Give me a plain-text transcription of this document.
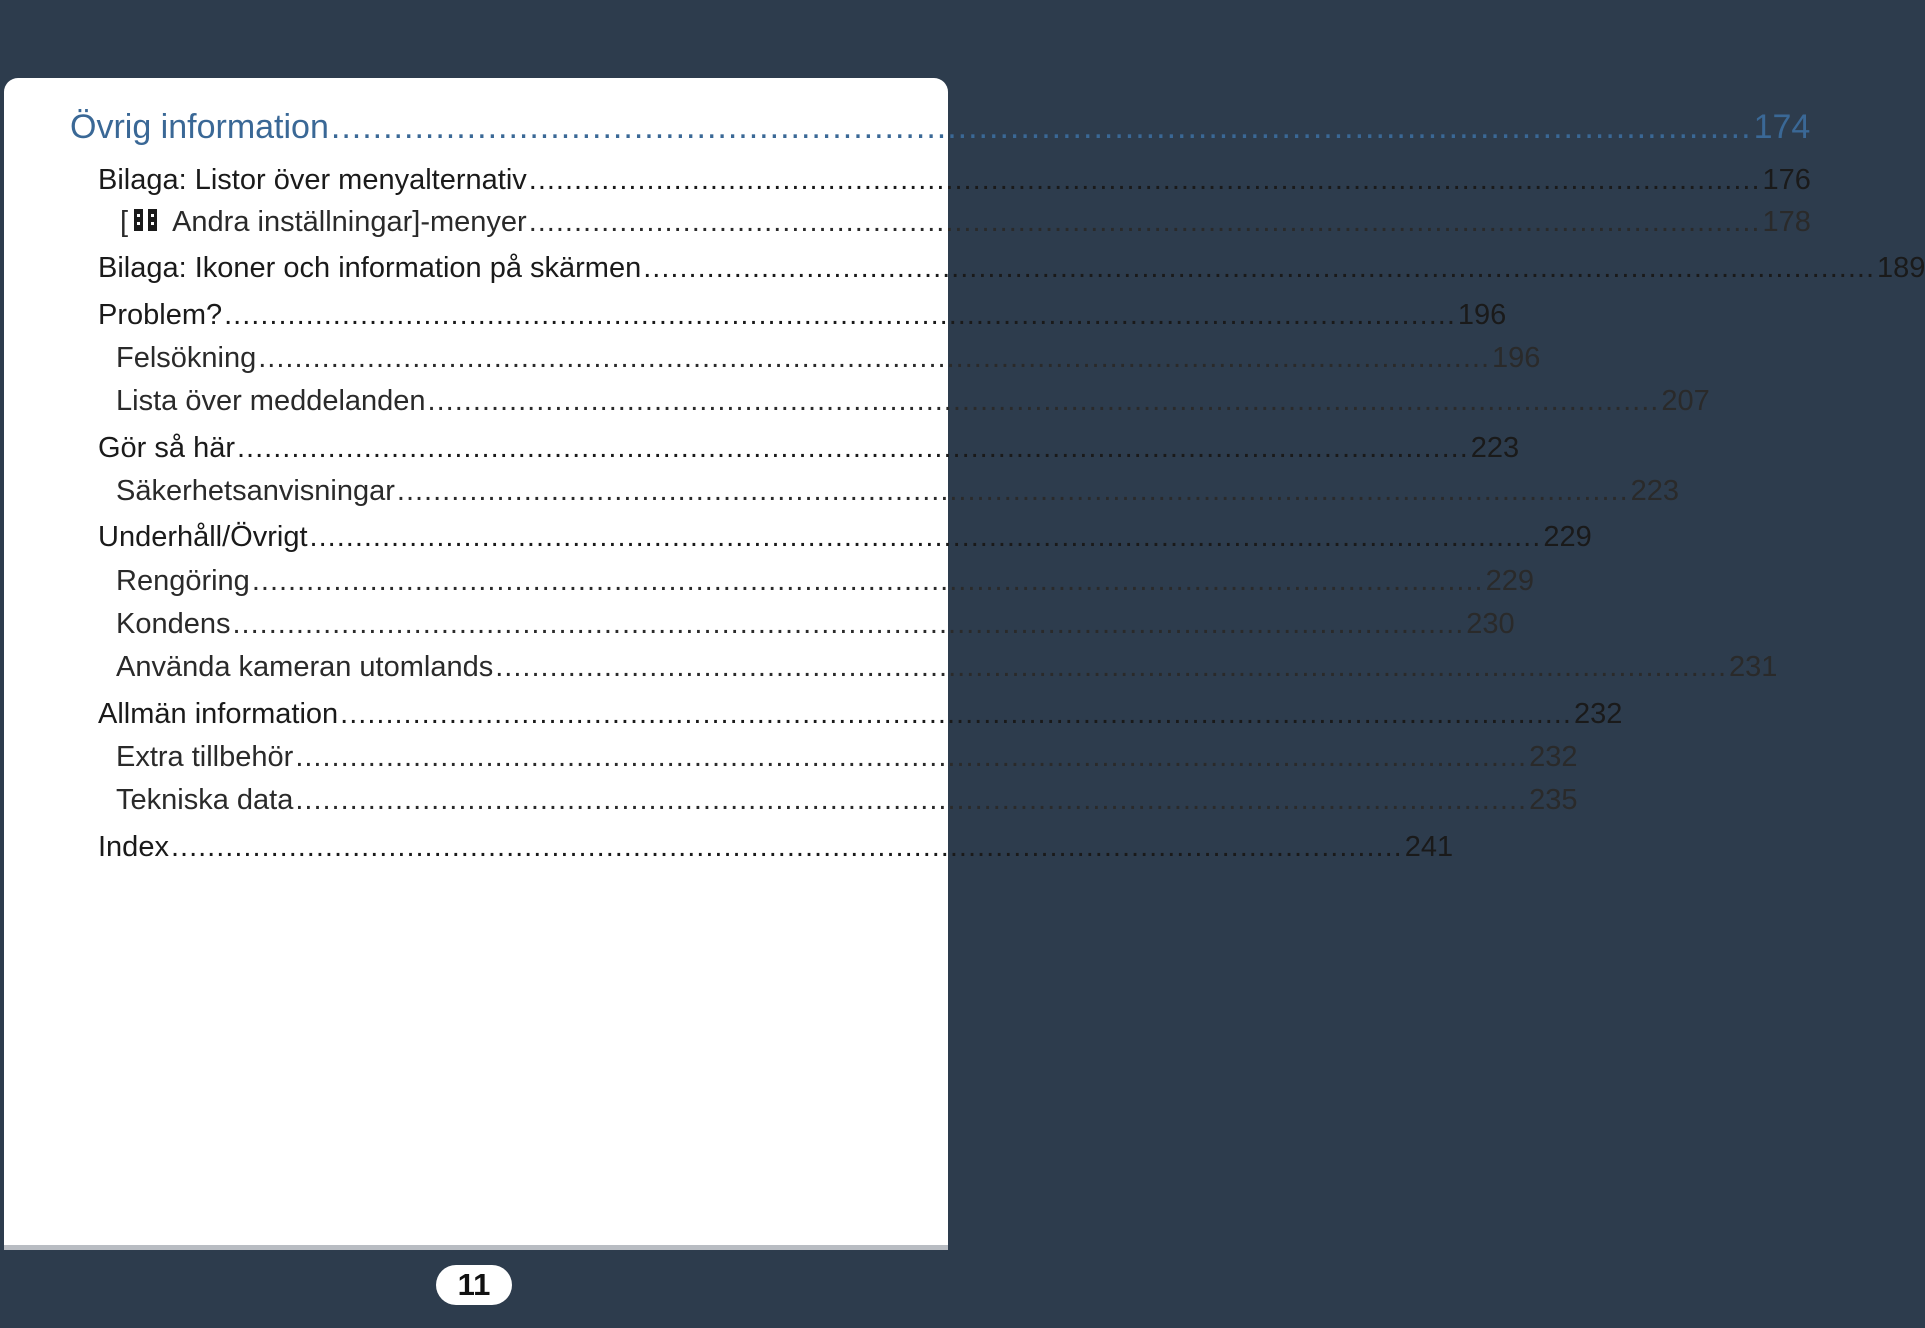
Övrig information ........................................................................................................................................ 174
Bilaga: Listor över menyalternativ ........................................................................................................................................ 176
[ Andra inställningar]-menyer ........................................................................................................................................ 178
Bilaga: Ikoner och information på skärmen ........................................................................................................................................ 189
Problem? ........................................................................................................................................ 196
Felsökning ........................................................................................................................................ 196
Lista över meddelanden ........................................................................................................................................ 207
Gör så här ........................................................................................................................................ 223
Säkerhetsanvisningar ........................................................................................................................................ 223
Underhåll/Övrigt ........................................................................................................................................ 229
Rengöring ........................................................................................................................................ 229
Kondens ........................................................................................................................................ 230
Använda kameran utomlands ........................................................................................................................................ 231
Allmän information ........................................................................................................................................ 232
Extra tillbehör ........................................................................................................................................ 232
Tekniska data ........................................................................................................................................ 235
Index ........................................................................................................................................ 241
11
